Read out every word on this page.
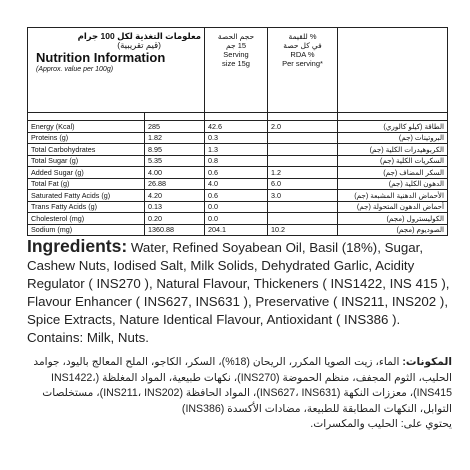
معلومات التغذية لكل 100 جرام
(قيم تقريبية)
Nutrition Information
(Approx. value per 100g)		حجم الحصة
15 جم
Serving
size 15g	% للقيمة
في كل حصة
RDA %
Per serving*	

Energy (Kcal)	285	42.6	2.0	الطاقة (كيلو كالوري)
Proteins (g)	1.82	0.3		البروتينات (جم)
Total Carbohydrates	8.95	1.3		الكربوهيدرات الكلية (جم)
Total Sugar (g)	5.35	0.8		السكريات الكلية (جم)
Added Sugar (g)	4.00	0.6	1.2	السكر المضاف (جم)
Total Fat (g)	26.88	4.0	6.0	الدهون الكلية (جم)
Saturated Fatty Acids (g)	4.20	0.6	3.0	الأحماض الدهنية المشبعة (جم)
Trans Fatty Acids (g)	0.13	0.0		أحماض الدهون المتحولة (جم)
Cholesterol (mg)	0.20	0.0		الكوليسترول (مجم)
Sodium (mg)	1360.88	204.1	10.2	الصوديوم (مجم)
Ingredients: Water, Refined Soyabean Oil, Basil (18%), Sugar, Cashew Nuts, Iodised Salt, Milk Solids, Dehydrated Garlic, Acidity Regulator ( INS270 ), Natural Flavour, Thickeners ( INS1422, INS 415 ), Flavour Enhancer ( INS627, INS631 ), Preservative ( INS211, INS202 ), Spice Extracts, Nature Identical Flavour, Antioxidant ( INS386 ).
Contains: Milk, Nuts.
المكونات: الماء، زيت الصويا المكرر، الريحان (18%)، السكر، الكاجو، الملح المعالج باليود، جوامد الحليب، الثوم المجفف، منظم الحموضة (INS270)، نكهات طبيعية، المواد المغلظة (INS1422، INS415)، معززات النكهة (INS627، INS631)، المواد الحافظة (INS211، INS202)، مستخلصات التوابل، النكهات المطابقة للطبيعة، مضادات الأكسدة (INS386)
يحتوي على: الحليب والمكسرات.
